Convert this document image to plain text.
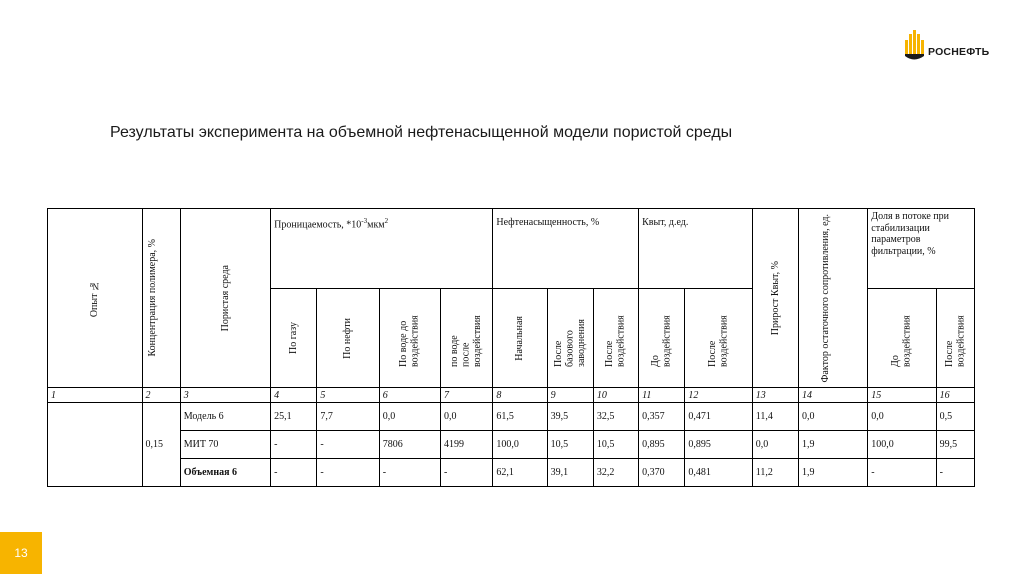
РОСНЕФТЬ
Результаты эксперимента на объемной нефтенасыщенной модели пористой среды
Опыт №	Концентрация полимера, %	Пористая среда	Проницаемость, $*10^{-3}мкм^2$				Нефтенасыщенность, %			Квыт, д.ед.		Прирост Квыт, %	Фактор остаточного сопротивления, ед.	Доля в потоке при стабилизации параметров фильтрации, %	

			По газу	По нефти	По воде до воздействия	по воде после воздействия	Начальная	После базового заводнения	После воздействия	До воздействия	После воздействия			До воздействия	После воздействия

1	2	3	4	5	6	7	8	9	10	11	12	13	14	15	16
	0,15	Модель 6	25,1	7,7	0,0	0,0	61,5	39,5	32,5	0,357	0,471	11,4	0,0	0,0	0,5
		МИТ 70	-	-	7806	4199	100,0	10,5	10,5	0,895	0,895	0,0	1,9	100,0	99,5
		Объемная 6	-	-	-	-	62,1	39,1	32,2	0,370	0,481	11,2	1,9	-	-
13
